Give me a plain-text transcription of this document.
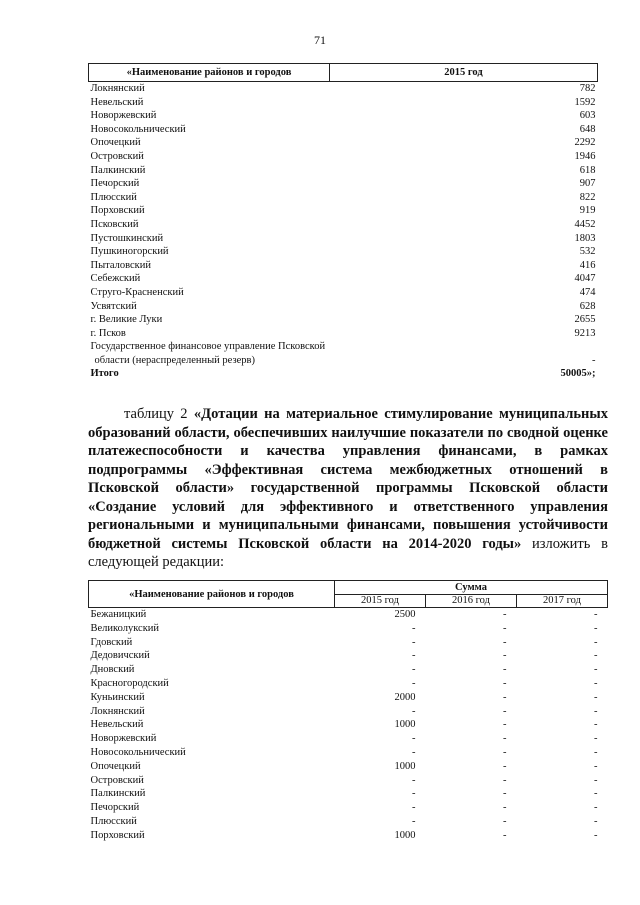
71
«Наименование районов и городов	2015 год
Локнянский	782
Невельский	1592
Новоржевский	603
Новосокольнический	648
Опочецкий	2292
Островский	1946
Палкинский	618
Печорский	907
Плюсский	822
Порховский	919
Псковский	4452
Пустошкинский	1803
Пушкиногорский	532
Пыталовский	416
Себежский	4047
Струго-Красненский	474
Усвятский	628
г. Великие Луки	2655
г. Псков	9213

Государственное финансовое управление Псковской
области (нераспределенный резерв)	-
Итого	50005»;

таблицу 2 «Дотации на материальное стимулирование муниципальных образований области, обеспечивших наилучшие показатели по сводной оценке платежеспособности и качества управления финансами, в рамках подпрограммы «Эффективная система межбюджетных отношений в Псковской области» государственной программы Псковской области «Создание условий для эффективного и ответственного управления региональными и муниципальными финансами, повышения устойчивости бюджетной системы Псковской области на 2014-2020 годы» изложить в следующей редакции:

«Наименование районов и городов	Сумма		
	2015 год	2016 год	2017 год
Бежаницкий	2500	-	-
Великолукский	-	-	-
Гдовский	-	-	-
Дедовичский	-	-	-
Дновский	-	-	-
Красногородский	-	-	-
Куньинский	2000	-	-
Локнянский	-	-	-
Невельский	1000	-	-
Новоржевский	-	-	-
Новосокольнический	-	-	-
Опочецкий	1000	-	-
Островский	-	-	-
Палкинский	-	-	-
Печорский	-	-	-
Плюсский	-	-	-
Порховский	1000	-	-
